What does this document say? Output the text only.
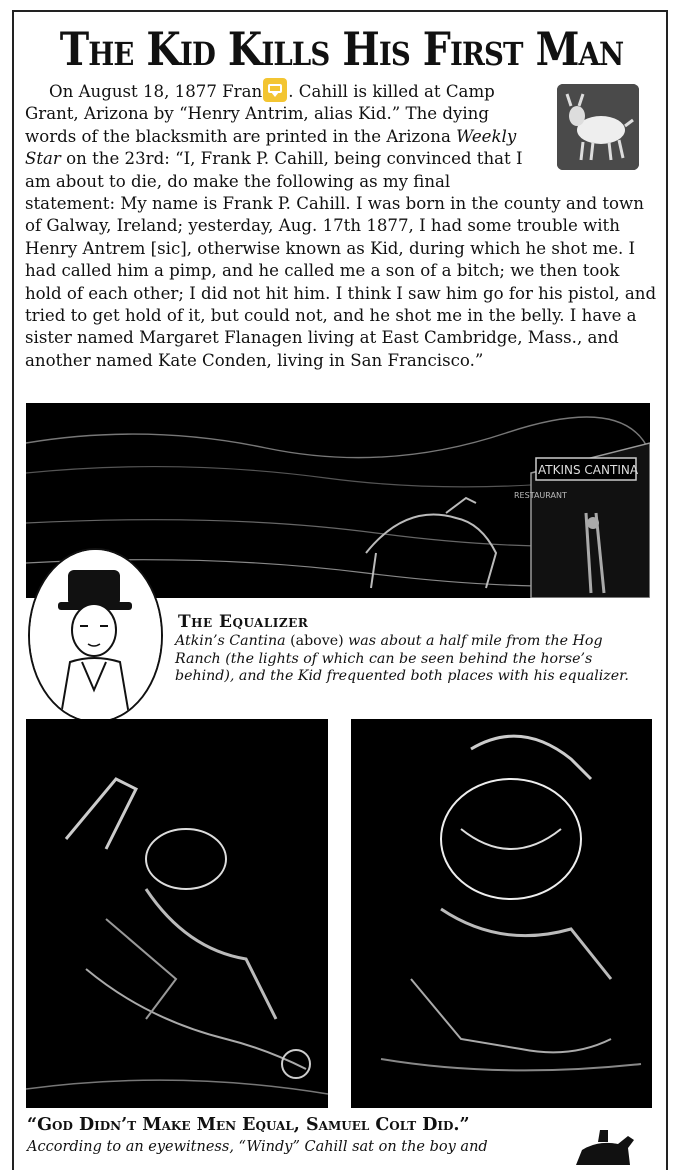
The Kid Kills His First Man

On August 18, 1877 Fran . Cahill is killed at Camp Grant, Arizona by “Henry Antrim, alias Kid.” The dying words of the blacksmith are printed in the Arizona Weekly Star on the 23rd: “I, Frank P. Cahill, being convinced that I am about to die, do make the following as my final statement: My name is Frank P. Cahill. I was born in the county and town of Galway, Ireland; yesterday, Aug. 17th 1877, I had some trouble with Henry Antrem [sic], otherwise known as Kid, during which he shot me. I had called him a pimp, and he called me a son of a bitch; we then took hold of each other; I did not hit him. I think I saw him go for his pistol, and tried to get hold of it, but could not, and he shot me in the belly. I have a sister named Margaret Flanagen living at East Cambridge, Mass., and another named Kate Conden, living in San Francisco.”

ATKINS CANTINA
RESTAURANT
The Equalizer

Atkin’s Cantina (above) was about a half mile from the Hog Ranch (the lights of which can be seen behind the horse’s behind), and the Kid frequented both places with his equalizer.

“God Didn’t Make Men Equal, Samuel Colt Did.”

According to an eyewitness, “Windy” Cahill sat on the boy and
